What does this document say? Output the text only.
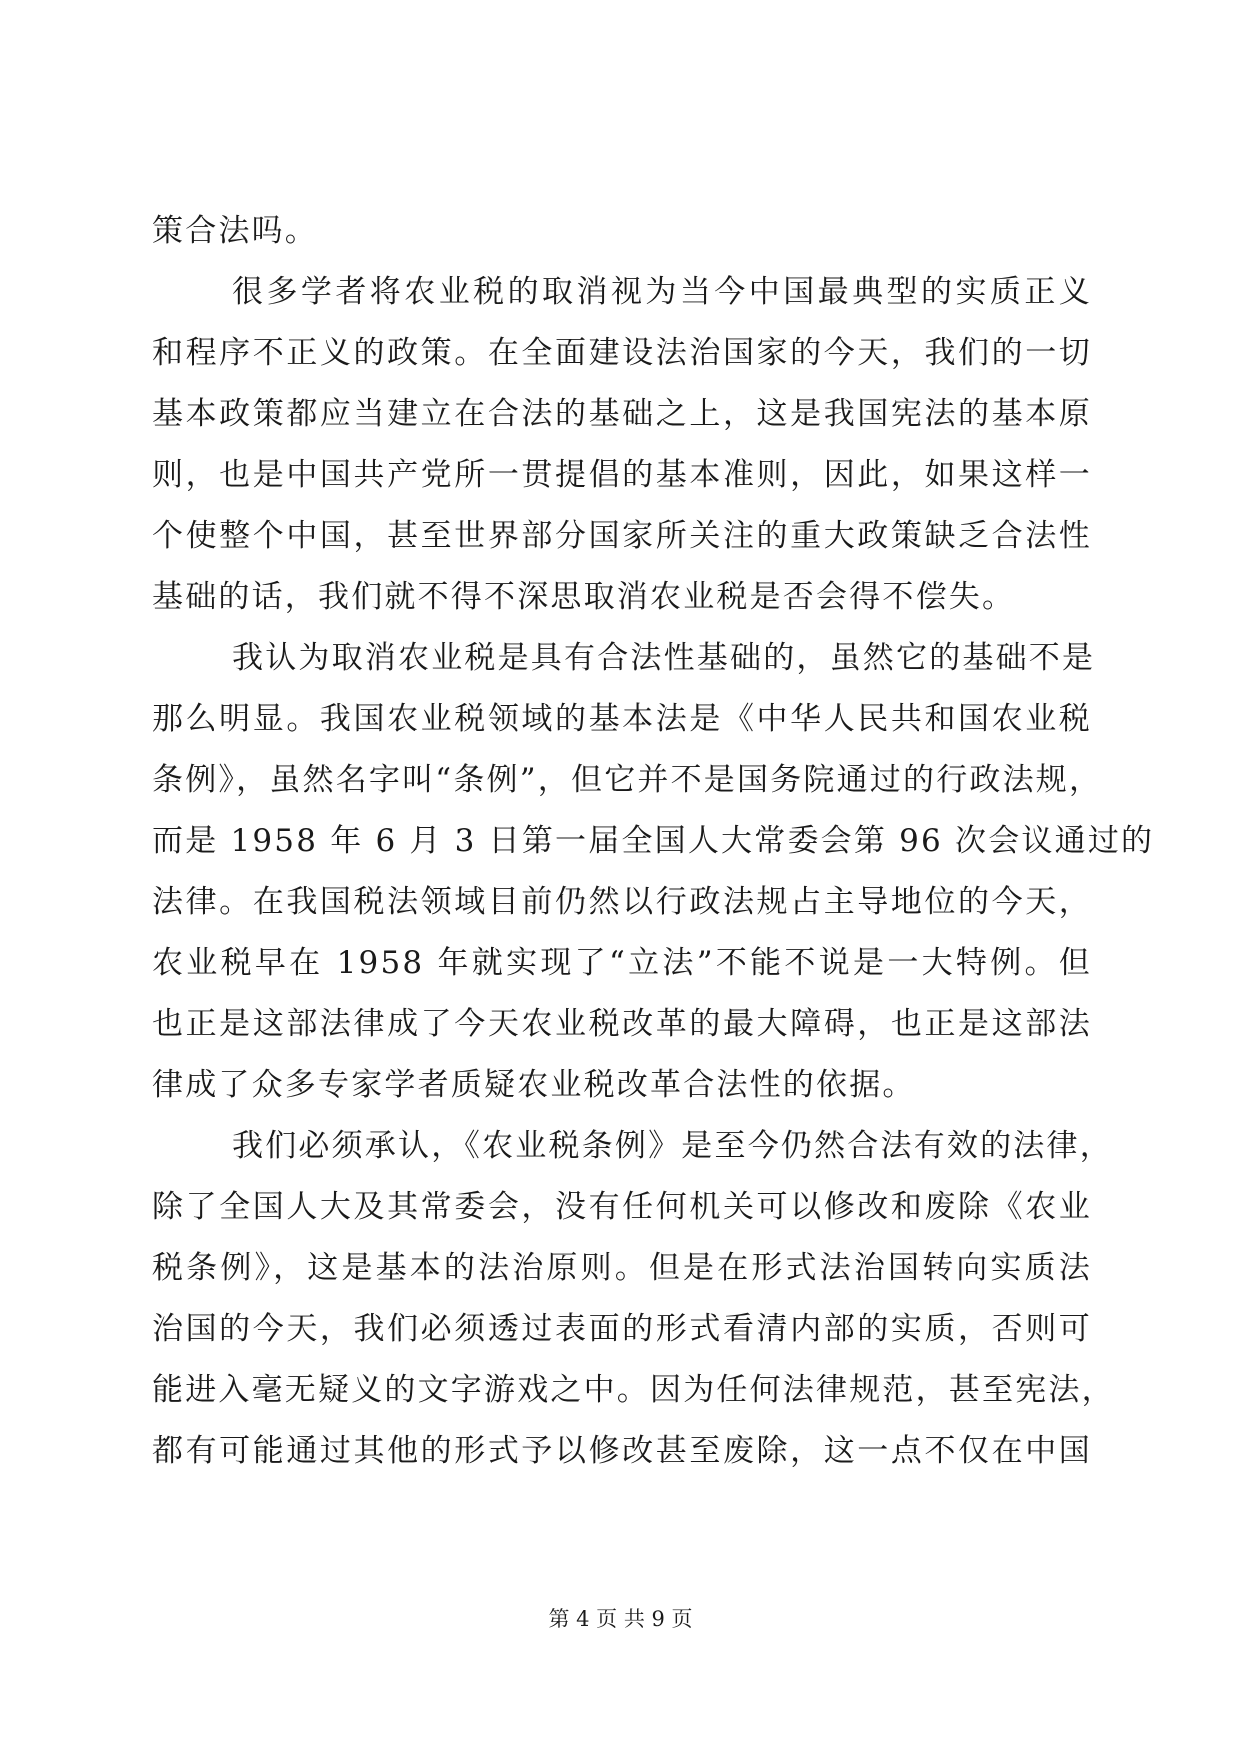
策合法吗。
很多学者将农业税的取消视为当今中国最典型的实质正义
和程序不正义的政策。在全面建设法治国家的今天，我们的一切
基本政策都应当建立在合法的基础之上，这是我国宪法的基本原
则，也是中国共产党所一贯提倡的基本准则，因此，如果这样一
个使整个中国，甚至世界部分国家所关注的重大政策缺乏合法性
基础的话，我们就不得不深思取消农业税是否会得不偿失。
我认为取消农业税是具有合法性基础的，虽然它的基础不是
那么明显。我国农业税领域的基本法是《中华人民共和国农业税
条例》，虽然名字叫“条例”，但它并不是国务院通过的行政法规，
而是 1958 年 6 月 3 日第一届全国人大常委会第 96 次会议通过的
法律。在我国税法领域目前仍然以行政法规占主导地位的今天，
农业税早在 1958 年就实现了“立法”不能不说是一大特例。但
也正是这部法律成了今天农业税改革的最大障碍，也正是这部法
律成了众多专家学者质疑农业税改革合法性的依据。
我们必须承认，《农业税条例》是至今仍然合法有效的法律，
除了全国人大及其常委会，没有任何机关可以修改和废除《农业
税条例》，这是基本的法治原则。但是在形式法治国转向实质法
治国的今天，我们必须透过表面的形式看清内部的实质，否则可
能进入毫无疑义的文字游戏之中。因为任何法律规范，甚至宪法，
都有可能通过其他的形式予以修改甚至废除，这一点不仅在中国
第 4 页 共 9 页
